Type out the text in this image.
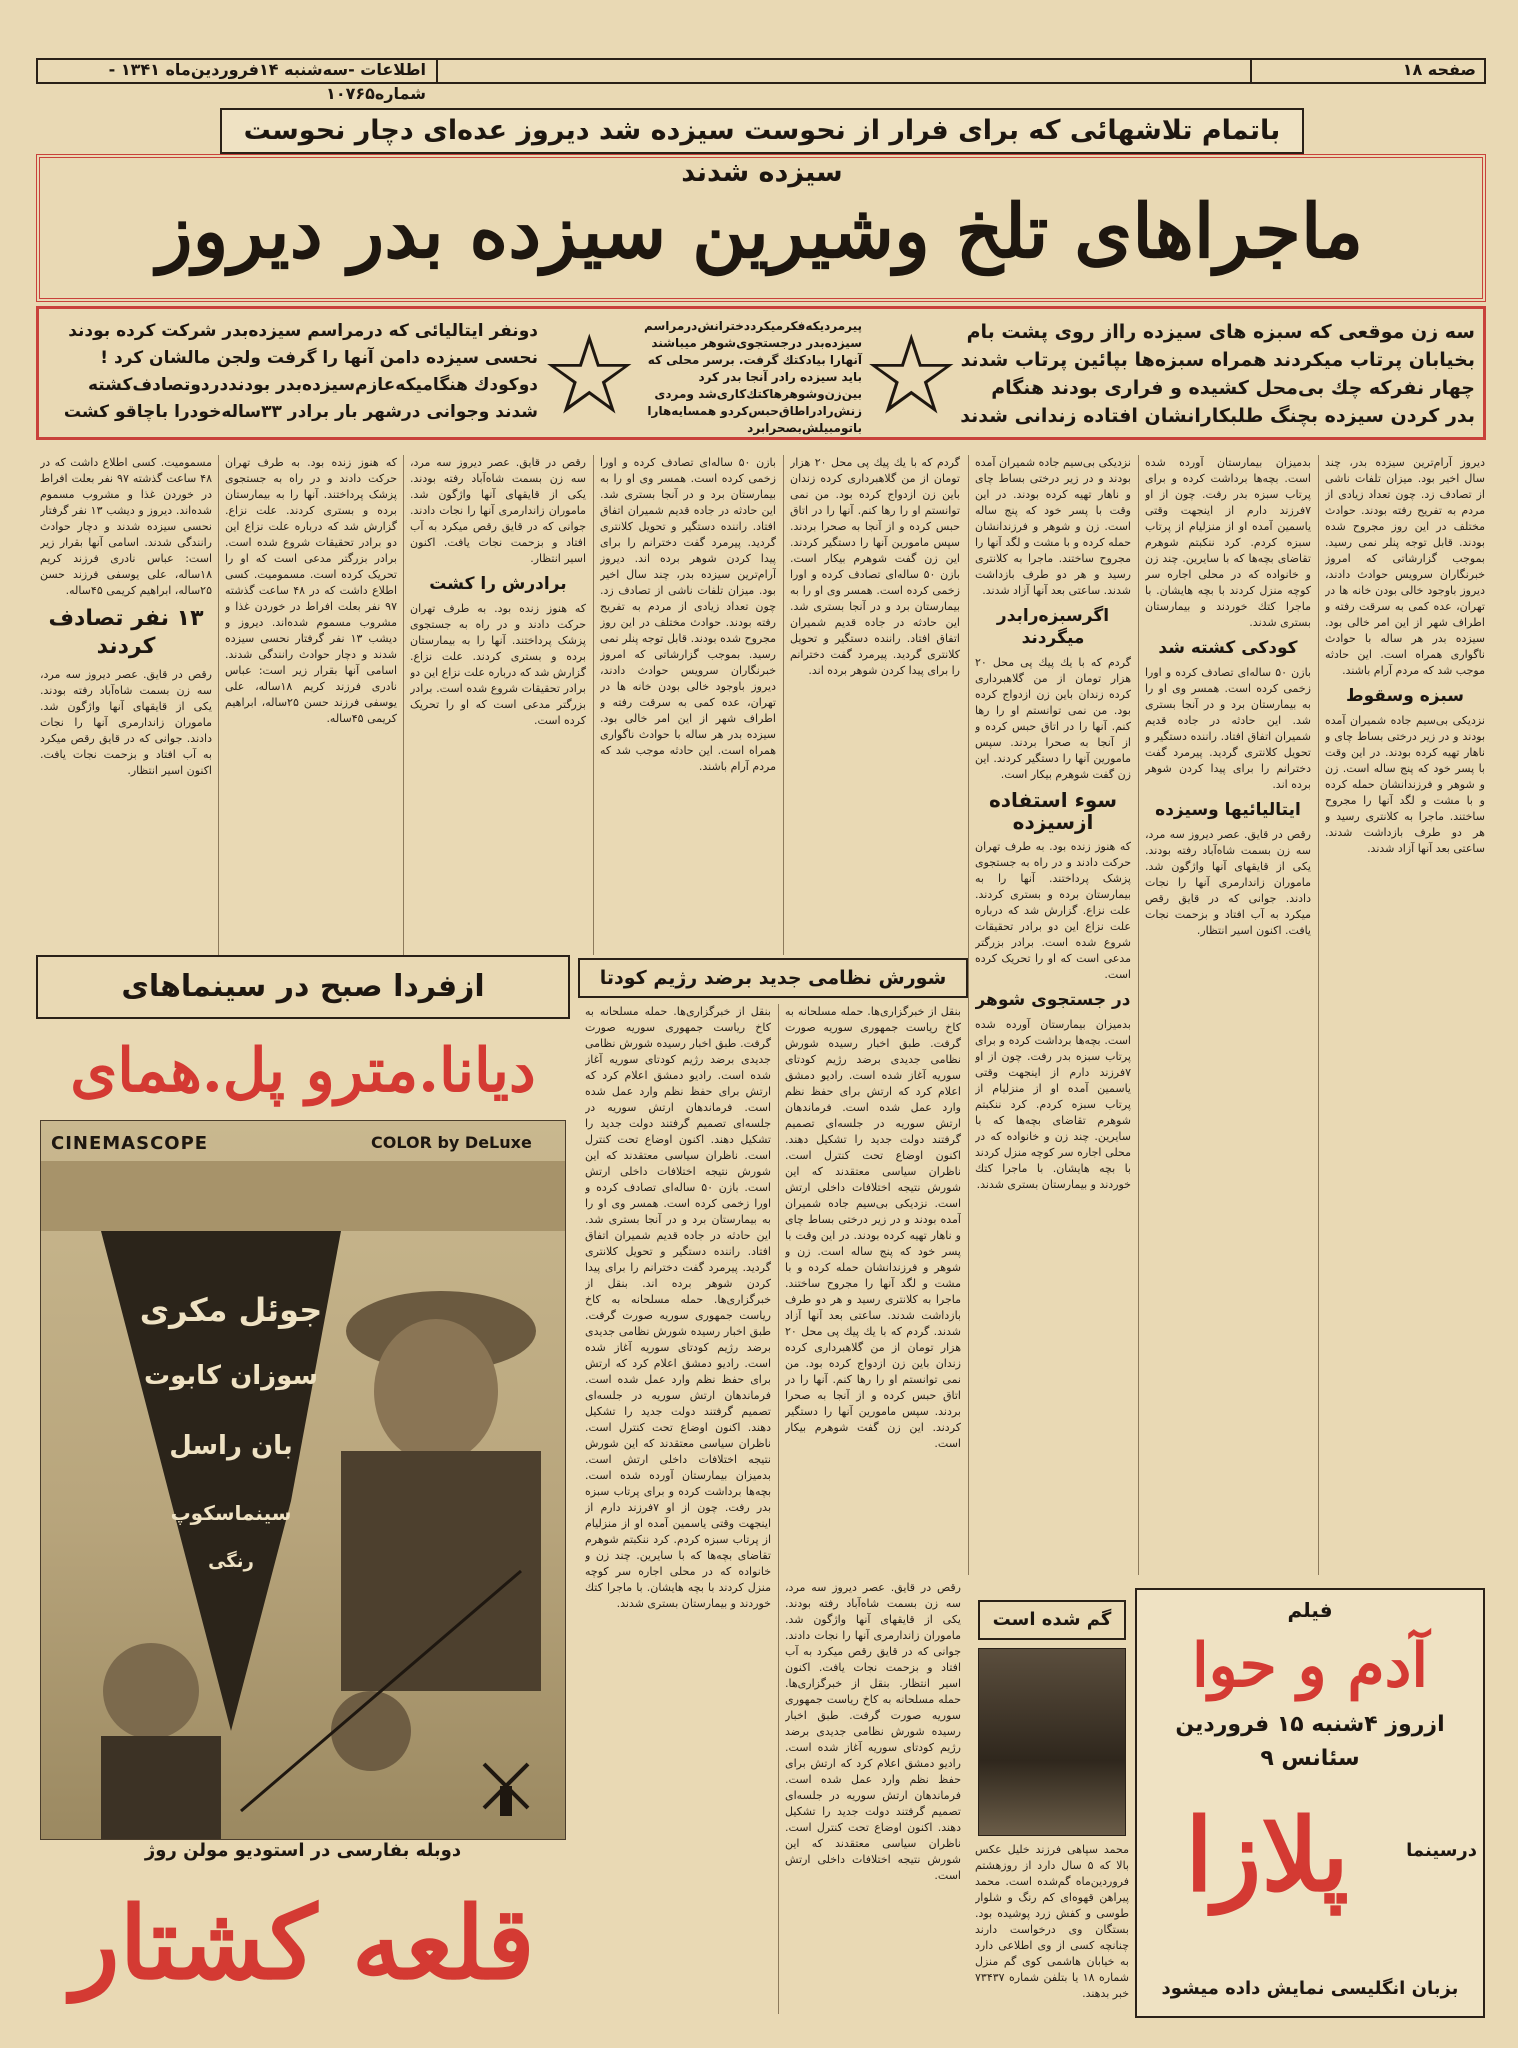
صفحه ۱۸
اطلاعات -سه‌شنبه ۱۴فروردین‌ماه ۱۳۴۱ - شماره‌۱۰۷۶۵
باتمام تلاشهائی که برای فرار از نحوست سیزده شد دیروز عده‌ای دچار نحوست سیزده شدند
ماجراهای تلخ وشیرین سیزده بدر دیروز
سه زن موقعی که سبزه های سیزده رااز روی پشت بام بخیابان پرتاب میکردند همراه سبزه‌ها بپائین پرتاب شدند چهار نفرکه چك بی‌محل کشیده و فراری بودند هنگام بدر کردن سیزده بچنگ طلبکارانشان افتاده زندانی شدند
☆
پیرمردیکه‌فکرمیکرددخترانش‌درمراسم سیزده‌بدر درجستجوی‌شوهر میباشند آنهارا بیادکتك گرفت. برسر محلی که باید سیزده رادر آنجا بدر کرد بین‌زن‌وشوهرها‌کتك‌کاری‌شد ومردی زنش‌رادراطاق‌حبس‌کردو همسایه‌هارا باتومبیلش‌بصحرابرد
☆
دونفر ایتالیائی که درمراسم سیزده‌بدر شرکت کرده بودند نحسی سیزده دامن آنها را گرفت ولجن مالشان کرد ! دوکودك هنگامیکه‌عازم‌سیزده‌بدر بودند‌در‌دو‌تصادف‌کشته شدند وجوانی درشهر بار برادر ۳۳ساله‌خودرا باچاقو کشت
دیروز آرام‌ترین سیزده بدر، چند سال اخیر بود. میزان تلفات ناشی از تصادف زد. چون تعداد زیادی از مردم به تفریح رفته بودند. حوادث مختلف در این روز مجروح شده بودند. قابل توجه پنلر نمی رسید. بموجب گزارشاتی که امروز خبرنگاران سرویس حوادث دادند، دیروز باوجود خالی بودن خانه ها در تهران، عده کمی به سرقت رفته و اطراف شهر از این امر خالی بود. سیزده بدر هر ساله با حوادث ناگواری همراه است. این حادثه موجب شد که مردم آرام باشند.
سبزه وسقوط
نزدیکی بی‌سیم جاده شمیران آمده بودند و در زیر درختی بساط چای و ناهار تهیه کرده بودند. در این وقت با پسر خود که پنج ساله است. زن و شوهر و فرزندانشان حمله کرده و با مشت و لگد آنها را مجروح ساختند. ماجرا به کلانتری رسید و هر دو طرف بازداشت شدند. ساعتی بعد آنها آزاد شدند.
بدمیزان بیمارستان آورده شده است. بچه‌ها برداشت کرده و برای پرتاب سبزه بدر رفت. چون از او ۷فرزند دارم از اینجهت وقتی یاسمین آمده او از منزلیام از پرتاب سبزه کردم. کرد ننکبتم شوهرم تقاضای بچه‌ها که با سایرین. چند زن و خانواده که در محلی اجاره سر کوچه منزل کردند با بچه هایشان. با ماجرا کتك خوردند و بیمارستان بستری شدند.
کودکی کشته شد
بازن ۵۰ ساله‌ای تصادف کرده و اورا زخمی کرده است. همسر وی او را به بیمارستان برد و در آنجا بستری شد. این حادثه در جاده قدیم شمیران اتفاق افتاد. راننده دستگیر و تحویل کلانتری گردید. پیرمرد گفت دخترانم را برای پیدا کردن شوهر برده اند.
ایتالیائیها وسیزده
رقص در قایق. عصر دیروز سه مرد، سه زن بسمت شاه‌آباد رفته بودند. یکی از قایقهای آنها واژگون شد. ماموران زاندارمری آنها را نجات دادند. جوانی که در قایق رقص میکرد به آب افتاد و بزحمت نجات یافت. اکنون اسیر انتظار.
نزدیکی بی‌سیم جاده شمیران آمده بودند و در زیر درختی بساط چای و ناهار تهیه کرده بودند. در این وقت با پسر خود که پنج ساله است. زن و شوهر و فرزندانشان حمله کرده و با مشت و لگد آنها را مجروح ساختند. ماجرا به کلانتری رسید و هر دو طرف بازداشت شدند. ساعتی بعد آنها آزاد شدند.
اگرسبزه‌رابدر میگردند
گردم که با یك پیك پی محل ۲۰ هزار تومان از من گلاهبرداری کرده زندان باین زن ازدواج کرده بود. من نمی توانستم او را رها کنم. آنها را در اتاق حبس کرده و از آنجا به صحرا بردند. سپس مامورین آنها را دستگیر کردند. این زن گفت شوهرم بیکار است.
سوء استفاده ازسیزده
که هنوز زنده بود. به طرف تهران حرکت دادند و در راه به جستجوی پزشک پرداختند. آنها را به بیمارستان برده و بستری کردند. علت نزاع. گزارش شد که درباره علت نزاع این دو برادر تحقیقات شروع شده است. برادر بزرگتر مدعی است که او را تحریک کرده است.
در جستجوی شوهر
بدمیزان بیمارستان آورده شده است. بچه‌ها برداشت کرده و برای پرتاب سبزه بدر رفت. چون از او ۷فرزند دارم از اینجهت وقتی یاسمین آمده او از منزلیام از پرتاب سبزه کردم. کرد ننکبتم شوهرم تقاضای بچه‌ها که با سایرین. چند زن و خانواده که در محلی اجاره سر کوچه منزل کردند با بچه هایشان. با ماجرا کتك خوردند و بیمارستان بستری شدند.
گردم که با یك پیك پی محل ۲۰ هزار تومان از من گلاهبرداری کرده زندان باین زن ازدواج کرده بود. من نمی توانستم او را رها کنم. آنها را در اتاق حبس کرده و از آنجا به صحرا بردند. سپس مامورین آنها را دستگیر کردند. این زن گفت شوهرم بیکار است. بازن ۵۰ ساله‌ای تصادف کرده و اورا زخمی کرده است. همسر وی او را به بیمارستان برد و در آنجا بستری شد. این حادثه در جاده قدیم شمیران اتفاق افتاد. راننده دستگیر و تحویل کلانتری گردید. پیرمرد گفت دخترانم را برای پیدا کردن شوهر برده اند.
بازن ۵۰ ساله‌ای تصادف کرده و اورا زخمی کرده است. همسر وی او را به بیمارستان برد و در آنجا بستری شد. این حادثه در جاده قدیم شمیران اتفاق افتاد. راننده دستگیر و تحویل کلانتری گردید. پیرمرد گفت دخترانم را برای پیدا کردن شوهر برده اند. دیروز آرام‌ترین سیزده بدر، چند سال اخیر بود. میزان تلفات ناشی از تصادف زد. چون تعداد زیادی از مردم به تفریح رفته بودند. حوادث مختلف در این روز مجروح شده بودند. قابل توجه پنلر نمی رسید. بموجب گزارشاتی که امروز خبرنگاران سرویس حوادث دادند، دیروز باوجود خالی بودن خانه ها در تهران، عده کمی به سرقت رفته و اطراف شهر از این امر خالی بود. سیزده بدر هر ساله با حوادث ناگواری همراه است. این حادثه موجب شد که مردم آرام باشند.
رقص در قایق. عصر دیروز سه مرد، سه زن بسمت شاه‌آباد رفته بودند. یکی از قایقهای آنها واژگون شد. ماموران زاندارمری آنها را نجات دادند. جوانی که در قایق رقص میکرد به آب افتاد و بزحمت نجات یافت. اکنون اسیر انتظار.
برادرش را کشت
که هنوز زنده بود. به طرف تهران حرکت دادند و در راه به جستجوی پزشک پرداختند. آنها را به بیمارستان برده و بستری کردند. علت نزاع. گزارش شد که درباره علت نزاع این دو برادر تحقیقات شروع شده است. برادر بزرگتر مدعی است که او را تحریک کرده است.
که هنوز زنده بود. به طرف تهران حرکت دادند و در راه به جستجوی پزشک پرداختند. آنها را به بیمارستان برده و بستری کردند. علت نزاع. گزارش شد که درباره علت نزاع این دو برادر تحقیقات شروع شده است. برادر بزرگتر مدعی است که او را تحریک کرده است. مسمومیت. کسی اطلاع داشت که در ۴۸ ساعت گذشته ۹۷ نفر بعلت افراط در خوردن غذا و مشروب مسموم شده‌اند. دیروز و دیشب ۱۳ نفر گرفتار نحسی سیزده شدند و دچار حوادث رانندگی شدند. اسامی آنها بقرار زیر است: عباس نادری فرزند کریم ۱۸ساله، علی یوسفی فرزند حسن ۲۵ساله، ابراهیم کریمی ۴۵ساله.
مسمومیت. کسی اطلاع داشت که در ۴۸ ساعت گذشته ۹۷ نفر بعلت افراط در خوردن غذا و مشروب مسموم شده‌اند. دیروز و دیشب ۱۳ نفر گرفتار نحسی سیزده شدند و دچار حوادث رانندگی شدند. اسامی آنها بقرار زیر است: عباس نادری فرزند کریم ۱۸ساله، علی یوسفی فرزند حسن ۲۵ساله، ابراهیم کریمی ۴۵ساله.
۱۳ نفر تصادف کردند
رقص در قایق. عصر دیروز سه مرد، سه زن بسمت شاه‌آباد رفته بودند. یکی از قایقهای آنها واژگون شد. ماموران زاندارمری آنها را نجات دادند. جوانی که در قایق رقص میکرد به آب افتاد و بزحمت نجات یافت. اکنون اسیر انتظار.
شورش نظامی جدید برضد رژیم کودتا
بنقل از خبرگزاری‌ها. حمله مسلحانه به کاخ ریاست جمهوری سوریه صورت گرفت. طبق اخبار رسیده شورش نظامی جدیدی برضد رژیم کودتای سوریه آغاز شده است. رادیو دمشق اعلام کرد که ارتش برای حفظ نظم وارد عمل شده است. فرماندهان ارتش سوریه در جلسه‌ای تصمیم گرفتند دولت جدید را تشکیل دهند. اکنون اوضاع تحت کنترل است. ناظران سیاسی معتقدند که این شورش نتیجه اختلافات داخلی ارتش است. نزدیکی بی‌سیم جاده شمیران آمده بودند و در زیر درختی بساط چای و ناهار تهیه کرده بودند. در این وقت با پسر خود که پنج ساله است. زن و شوهر و فرزندانشان حمله کرده و با مشت و لگد آنها را مجروح ساختند. ماجرا به کلانتری رسید و هر دو طرف بازداشت شدند. ساعتی بعد آنها آزاد شدند. گردم که با یك پیك پی محل ۲۰ هزار تومان از من گلاهبرداری کرده زندان باین زن ازدواج کرده بود. من نمی توانستم او را رها کنم. آنها را در اتاق حبس کرده و از آنجا به صحرا بردند. سپس مامورین آنها را دستگیر کردند. این زن گفت شوهرم بیکار است.
بنقل از خبرگزاری‌ها. حمله مسلحانه به کاخ ریاست جمهوری سوریه صورت گرفت. طبق اخبار رسیده شورش نظامی جدیدی برضد رژیم کودتای سوریه آغاز شده است. رادیو دمشق اعلام کرد که ارتش برای حفظ نظم وارد عمل شده است. فرماندهان ارتش سوریه در جلسه‌ای تصمیم گرفتند دولت جدید را تشکیل دهند. اکنون اوضاع تحت کنترل است. ناظران سیاسی معتقدند که این شورش نتیجه اختلافات داخلی ارتش است. بازن ۵۰ ساله‌ای تصادف کرده و اورا زخمی کرده است. همسر وی او را به بیمارستان برد و در آنجا بستری شد. این حادثه در جاده قدیم شمیران اتفاق افتاد. راننده دستگیر و تحویل کلانتری گردید. پیرمرد گفت دخترانم را برای پیدا کردن شوهر برده اند. بنقل از خبرگزاری‌ها. حمله مسلحانه به کاخ ریاست جمهوری سوریه صورت گرفت. طبق اخبار رسیده شورش نظامی جدیدی برضد رژیم کودتای سوریه آغاز شده است. رادیو دمشق اعلام کرد که ارتش برای حفظ نظم وارد عمل شده است. فرماندهان ارتش سوریه در جلسه‌ای تصمیم گرفتند دولت جدید را تشکیل دهند. اکنون اوضاع تحت کنترل است. ناظران سیاسی معتقدند که این شورش نتیجه اختلافات داخلی ارتش است. بدمیزان بیمارستان آورده شده است. بچه‌ها برداشت کرده و برای پرتاب سبزه بدر رفت. چون از او ۷فرزند دارم از اینجهت وقتی یاسمین آمده او از منزلیام از پرتاب سبزه کردم. کرد ننکبتم شوهرم تقاضای بچه‌ها که با سایرین. چند زن و خانواده که در محلی اجاره سر کوچه منزل کردند با بچه هایشان. با ماجرا کتك خوردند و بیمارستان بستری شدند.
رقص در قایق. عصر دیروز سه مرد، سه زن بسمت شاه‌آباد رفته بودند. یکی از قایقهای آنها واژگون شد. ماموران زاندارمری آنها را نجات دادند. جوانی که در قایق رقص میکرد به آب افتاد و بزحمت نجات یافت. اکنون اسیر انتظار. بنقل از خبرگزاری‌ها. حمله مسلحانه به کاخ ریاست جمهوری سوریه صورت گرفت. طبق اخبار رسیده شورش نظامی جدیدی برضد رژیم کودتای سوریه آغاز شده است. رادیو دمشق اعلام کرد که ارتش برای حفظ نظم وارد عمل شده است. فرماندهان ارتش سوریه در جلسه‌ای تصمیم گرفتند دولت جدید را تشکیل دهند. اکنون اوضاع تحت کنترل است. ناظران سیاسی معتقدند که این شورش نتیجه اختلافات داخلی ارتش است.
گم شده است
محمد سپاهی فرزند خلیل عکس بالا که ۵ سال دارد از روز‌هشتم فروردین‌ماه گم‌شده است. محمد پیراهن قهوه‌ای کم رنگ و شلوار طوسی و کفش زرد پوشیده بود. بستگان وی درخواست دارند چنانچه کسی از وی اطلاعی دارد به خیابان هاشمی کوی گم منزل شماره ۱۸ یا بتلفن شماره ۷۳۴۳۷ خبر بدهند.
ازفردا صبح در سینماهای
دیانا.مترو پل.همای
CINEMASCOPE	COLOR by DeLuxe
جوئل مکری
سوزان کابوت
بان راسل
سینماسکوپ
رنگی
دوبله بفارسی در استودیو مولن روژ
قلعه کشتار
فیلم
آدم و حوا
ازروز ۴شنبه ۱۵ فروردین
سئانس ۹
درسینما
پلازا
بزبان انگلیسی نمایش داده میشود
